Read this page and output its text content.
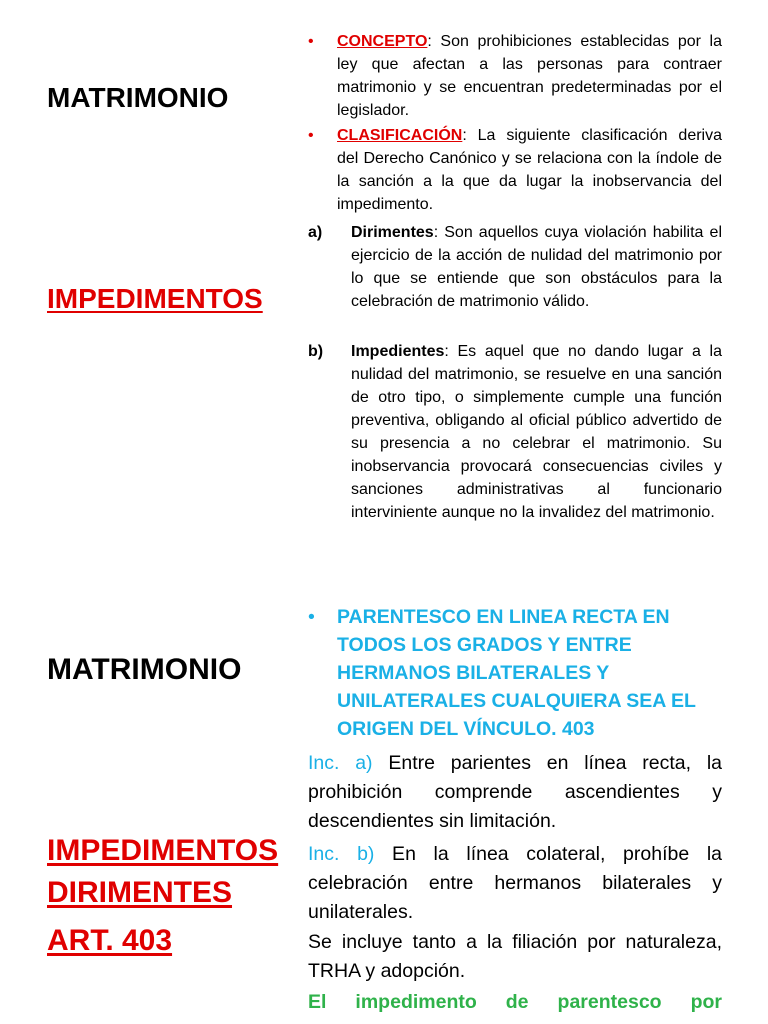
MATRIMONIO
IMPEDIMENTOS
• CONCEPTO: Son prohibiciones establecidas por la ley que afectan a las personas para contraer matrimonio y se encuentran predeterminadas por el legislador.
• CLASIFICACIÓN: La siguiente clasificación deriva del Derecho Canónico y se relaciona con la índole de la sanción a la que da lugar la inobservancia del impedimento.
a) Dirimentes: Son aquellos cuya violación habilita el ejercicio de la acción de nulidad del matrimonio por lo que se entiende que son obstáculos para la celebración de matrimonio válido.
b) Impedientes: Es aquel que no dando lugar a la nulidad del matrimonio, se resuelve en una sanción de otro tipo, o simplemente cumple una función preventiva, obligando al oficial público advertido de su presencia a no celebrar el matrimonio. Su inobservancia provocará consecuencias civiles y sanciones administrativas al funcionario interviniente aunque no la invalidez del matrimonio.
MATRIMONIO
IMPEDIMENTOS
DIRIMENTES
ART. 403
• PARENTESCO EN LINEA RECTA EN TODOS LOS GRADOS Y ENTRE HERMANOS BILATERALES Y UNILATERALES CUALQUIERA SEA EL ORIGEN DEL VÍNCULO. 403
Inc. a) Entre parientes en línea recta, la prohibición comprende ascendientes y descendientes sin limitación.
Inc. b) En la línea colateral, prohíbe la celebración entre hermanos bilaterales y unilaterales.
Se incluye tanto a la filiación por naturaleza, TRHA y adopción.
El impedimento de parentesco por
